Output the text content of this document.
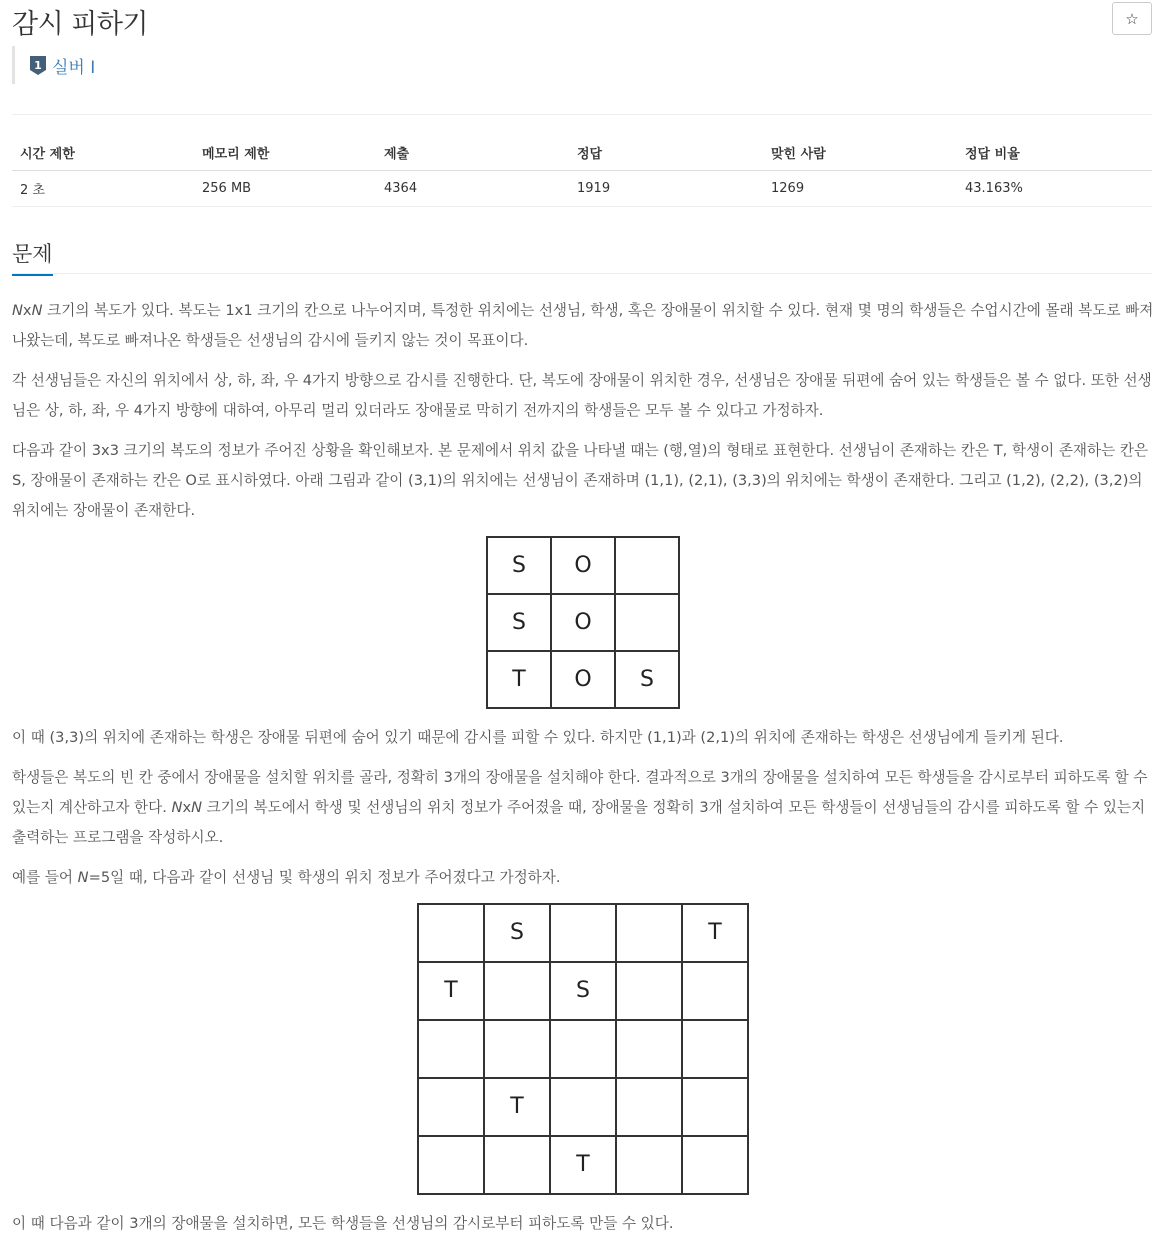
감시 피하기	☆
1 실버 I
시간 제한	메모리 제한	제출	정답	맞힌 사람	정답 비율
2 초	256 MB	4364	1919	1269	43.163%
문제

NxN 크기의 복도가 있다. 복도는 1x1 크기의 칸으로 나누어지며, 특정한 위치에는 선생님, 학생, 혹은 장애물이 위치할 수 있다. 현재 몇 명의 학생들은 수업시간에 몰래 복도로 빠져나왔는데, 복도로 빠져나온 학생들은 선생님의 감시에 들키지 않는 것이 목표이다.

각 선생님들은 자신의 위치에서 상, 하, 좌, 우 4가지 방향으로 감시를 진행한다. 단, 복도에 장애물이 위치한 경우, 선생님은 장애물 뒤편에 숨어 있는 학생들은 볼 수 없다. 또한 선생님은 상, 하, 좌, 우 4가지 방향에 대하여, 아무리 멀리 있더라도 장애물로 막히기 전까지의 학생들은 모두 볼 수 있다고 가정하자.

다음과 같이 3x3 크기의 복도의 정보가 주어진 상황을 확인해보자. 본 문제에서 위치 값을 나타낼 때는 (행,열)의 형태로 표현한다. 선생님이 존재하는 칸은 T, 학생이 존재하는 칸은 S, 장애물이 존재하는 칸은 O로 표시하였다. 아래 그림과 같이 (3,1)의 위치에는 선생님이 존재하며 (1,1), (2,1), (3,3)의 위치에는 학생이 존재한다. 그리고 (1,2), (2,2), (3,2)의 위치에는 장애물이 존재한다.

S	O	
S	O	
T	O	S

이 때 (3,3)의 위치에 존재하는 학생은 장애물 뒤편에 숨어 있기 때문에 감시를 피할 수 있다. 하지만 (1,1)과 (2,1)의 위치에 존재하는 학생은 선생님에게 들키게 된다.

학생들은 복도의 빈 칸 중에서 장애물을 설치할 위치를 골라, 정확히 3개의 장애물을 설치해야 한다. 결과적으로 3개의 장애물을 설치하여 모든 학생들을 감시로부터 피하도록 할 수 있는지 계산하고자 한다. NxN 크기의 복도에서 학생 및 선생님의 위치 정보가 주어졌을 때, 장애물을 정확히 3개 설치하여 모든 학생들이 선생님들의 감시를 피하도록 할 수 있는지 출력하는 프로그램을 작성하시오.

예를 들어 N=5일 때, 다음과 같이 선생님 및 학생의 위치 정보가 주어졌다고 가정하자.

	S			T
T		S		

	T			
		T		

이 때 다음과 같이 3개의 장애물을 설치하면, 모든 학생들을 선생님의 감시로부터 피하도록 만들 수 있다.
